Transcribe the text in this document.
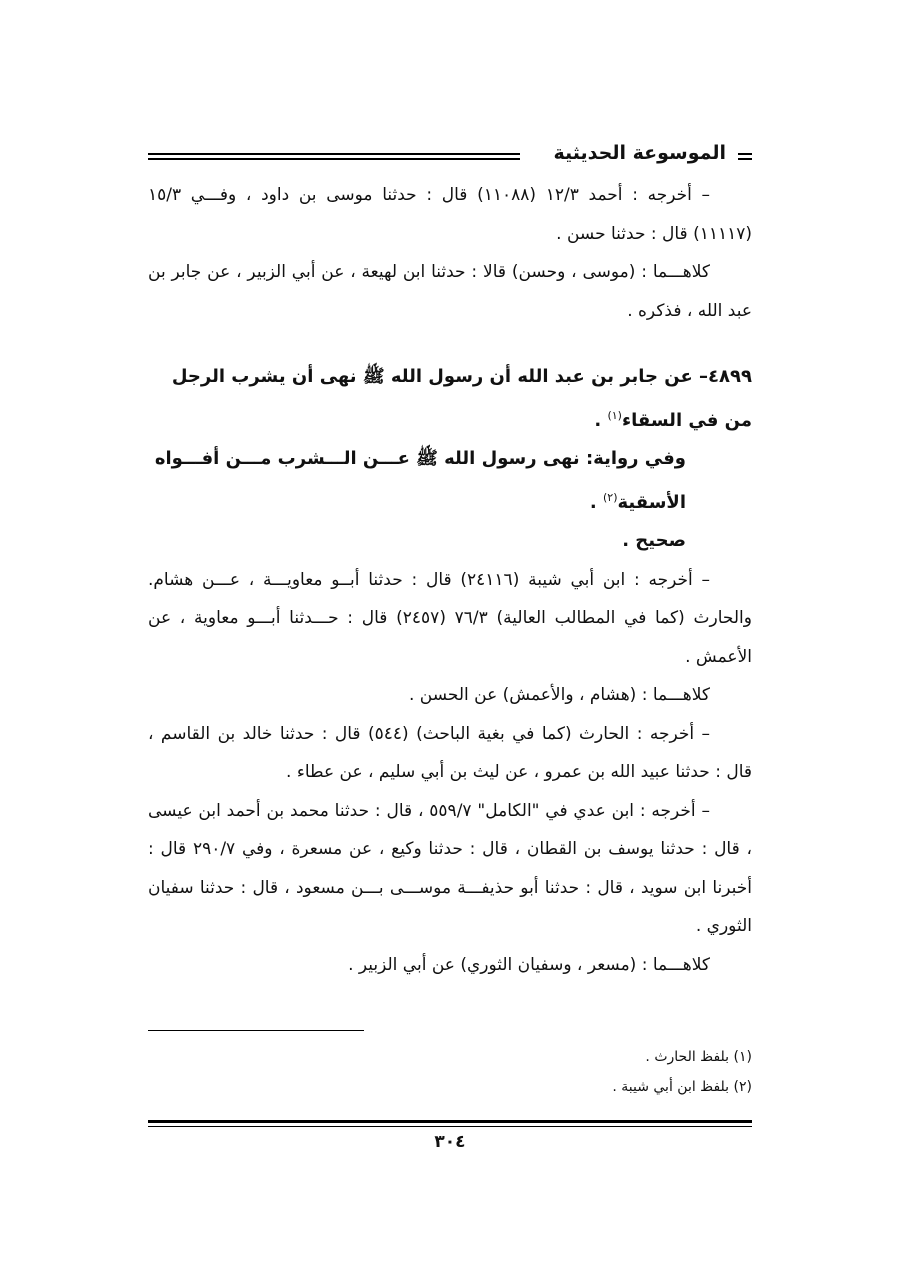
الموسوعة الحديثية

– أخرجه : أحمد ١٢/٣ (١١٠٨٨) قال : حدثنا موسى بن داود ، وفـــي ١٥/٣ (١١١١٧) قال : حدثنا حسن .

كلاهـــما : (موسى ، وحسن) قالا : حدثنا ابن لهيعة ، عن أبي الزبير ، عن جابر بن عبد الله ، فذكره .

٤٨٩٩– عن جابر بن عبد الله أن رسول الله ﷺ نهى أن يشرب الرجل من في السقاء$^{(١)}$ .

وفي رواية: نهى رسول الله ﷺ عـــن الـــشرب مـــن أفـــواه الأسقية$^{(٢)}$ .

صحيح .

– أخرجه : ابن أبي شيبة (٢٤١١٦) قال : حدثنا أبــو معاويـــة ، عـــن هشام. والحارث (كما في المطالب العالية) ٧٦/٣ (٢٤٥٧) قال : حـــدثنا أبـــو معاوية ، عن الأعمش .

كلاهـــما : (هشام ، والأعمش) عن الحسن .

– أخرجه : الحارث (كما في بغية الباحث) (٥٤٤) قال : حدثنا خالد بن القاسم ، قال : حدثنا عبيد الله بن عمرو ، عن ليث بن أبي سليم ، عن عطاء .

– أخرجه : ابن عدي في "الكامل" ٥٥٩/٧ ، قال : حدثنا محمد بن أحمد ابن عيسى ، قال : حدثنا يوسف بن القطان ، قال : حدثنا وكيع ، عن مسعرة ، وفي ٢٩٠/٧ قال : أخبرنا ابن سويد ، قال : حدثنا أبو حذيفـــة موســـى بـــن مسعود ، قال : حدثنا سفيان الثوري .

كلاهـــما : (مسعر ، وسفيان الثوري) عن أبي الزبير .

(١) بلفظ الحارث .

(٢) بلفظ ابن أبي شيبة .

٣٠٤
